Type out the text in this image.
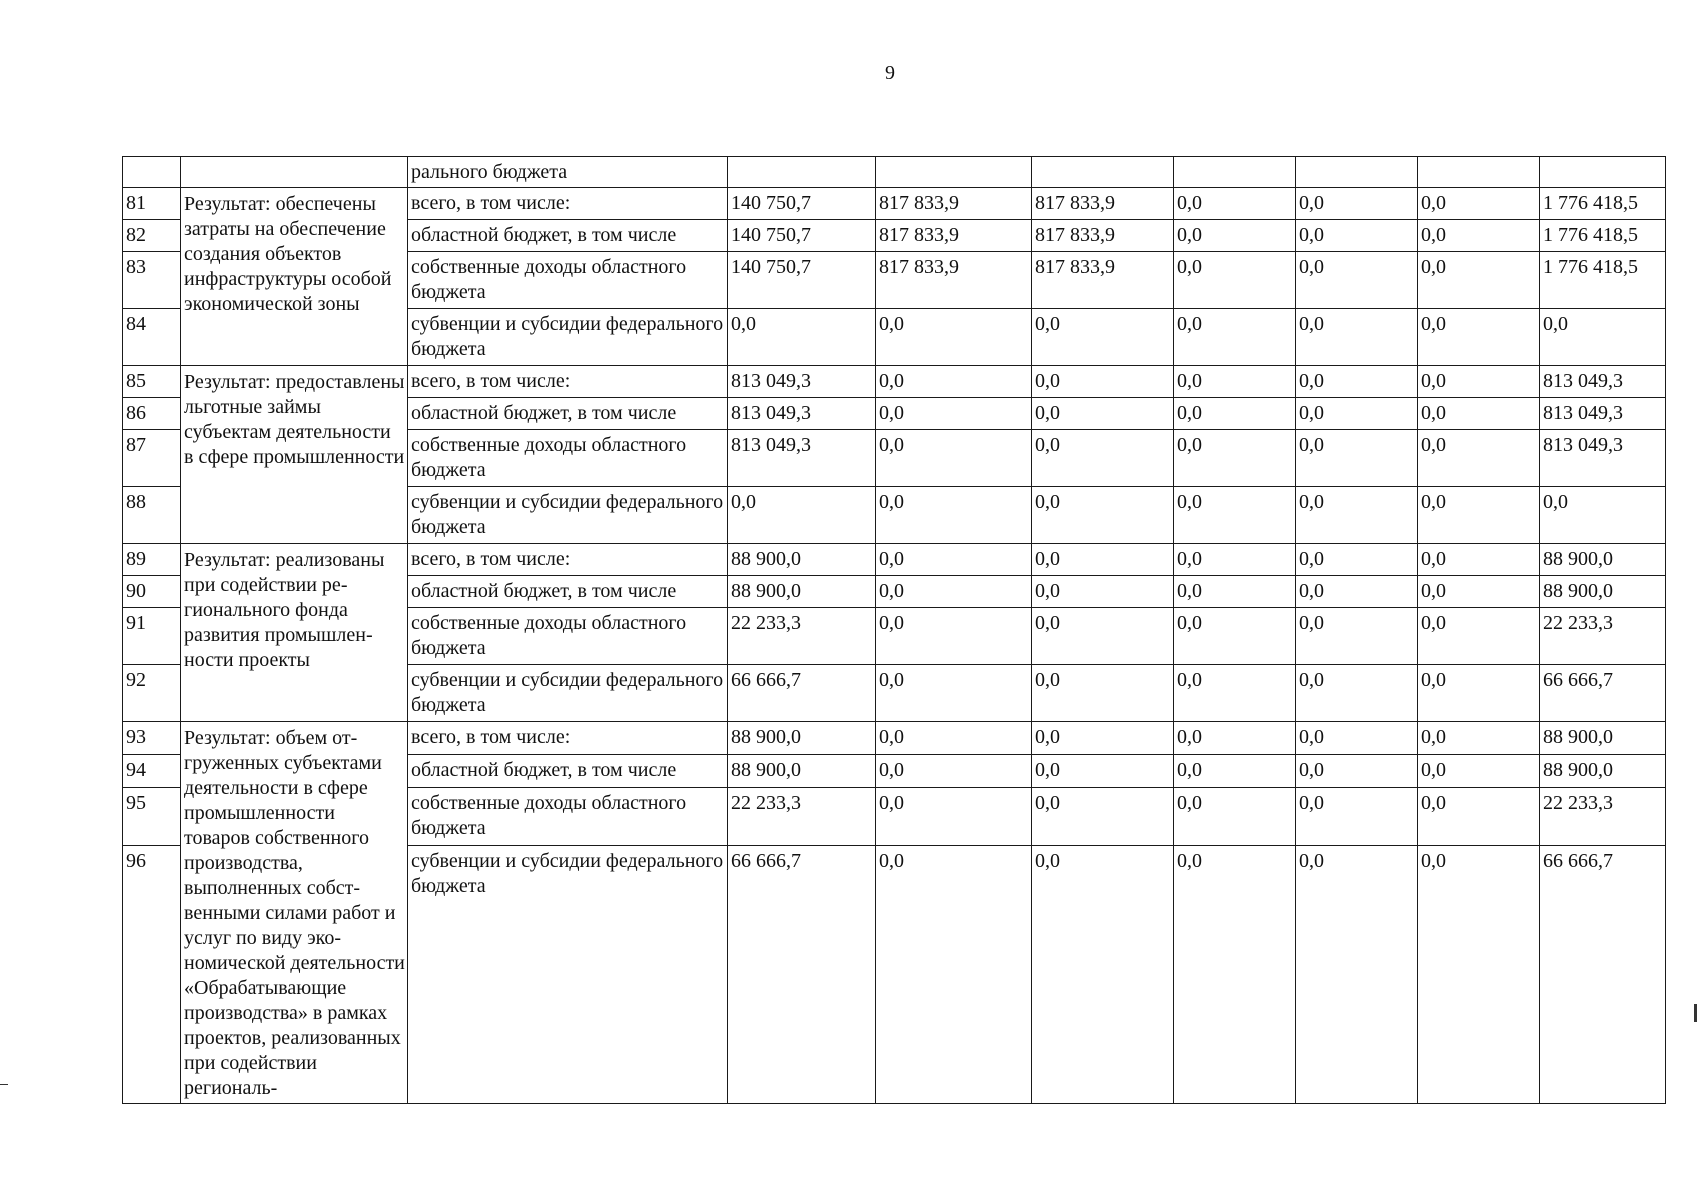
9
		рального бюджета							
81	Результат: обеспечены затраты на обеспечение создания объектов инфраструктуры особой экономической зоны	всего, в том числе:	140 750,7	817 833,9	817 833,9	0,0	0,0	0,0	1 776 418,5
82		областной бюджет, в том числе	140 750,7	817 833,9	817 833,9	0,0	0,0	0,0	1 776 418,5
83		собственные доходы областного бюджета	140 750,7	817 833,9	817 833,9	0,0	0,0	0,0	1 776 418,5
84		субвенции и субсидии федерального бюджета	0,0	0,0	0,0	0,0	0,0	0,0	0,0
85	Результат: предоставлены льготные займы субъектам деятельности в сфере промышленности	всего, в том числе:	813 049,3	0,0	0,0	0,0	0,0	0,0	813 049,3
86		областной бюджет, в том числе	813 049,3	0,0	0,0	0,0	0,0	0,0	813 049,3
87		собственные доходы областного бюджета	813 049,3	0,0	0,0	0,0	0,0	0,0	813 049,3
88		субвенции и субсидии федерального бюджета	0,0	0,0	0,0	0,0	0,0	0,0	0,0
89	Результат: реализованы при содействии регионального фонда развития промышленности проекты	всего, в том числе:	88 900,0	0,0	0,0	0,0	0,0	0,0	88 900,0
90		областной бюджет, в том числе	88 900,0	0,0	0,0	0,0	0,0	0,0	88 900,0
91		собственные доходы областного бюджета	22 233,3	0,0	0,0	0,0	0,0	0,0	22 233,3
92		субвенции и субсидии федерального бюджета	66 666,7	0,0	0,0	0,0	0,0	0,0	66 666,7
93	Результат: объем отгруженных субъектами деятельности в сфере промышленности товаров собственного производства, выполненных собственными силами работ и услуг по виду экономической деятельности «Обрабатывающие производства» в рамках проектов, реализованных при содействии региональ-	всего, в том числе:	88 900,0	0,0	0,0	0,0	0,0	0,0	88 900,0
94		областной бюджет, в том числе	88 900,0	0,0	0,0	0,0	0,0	0,0	88 900,0
95		собственные доходы областного бюджета	22 233,3	0,0	0,0	0,0	0,0	0,0	22 233,3
96		субвенции и субсидии федерального бюджета	66 666,7	0,0	0,0	0,0	0,0	0,0	66 666,7
